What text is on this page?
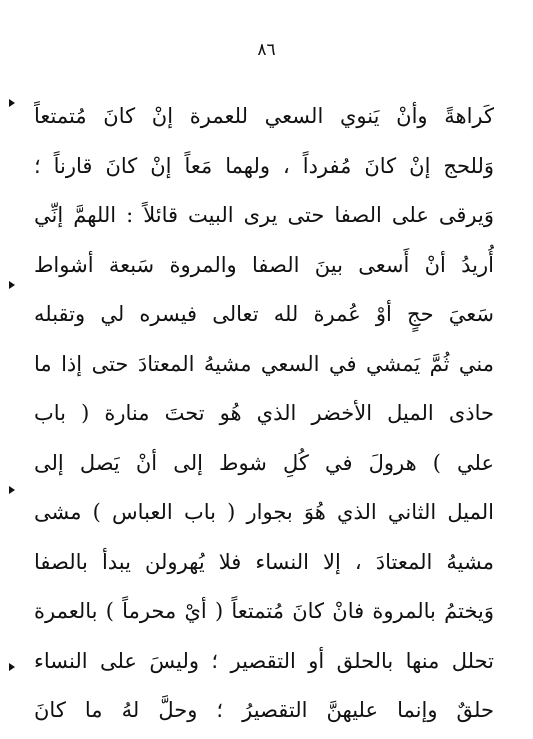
٨٦
كَراهةً وأنْ يَنوي السعي للعمرة إنْ كانَ مُتمتعاً
وَللحج إنْ كانَ مُفرداً ، ولهما مَعاً إنْ كانَ قارناً ؛
وَيرقى على الصفا حتى يرى البيت قائلاً : اللهمَّ إنِّي
أُريدُ أنْ أَسعى بينَ الصفا والمروة سَبعة أشواط
سَعيَ حجٍ أوْ عُمرة لله تعالى فيسره لي وتقبله
مني ثُمَّ يَمشي في السعي مشيهُ المعتادَ حتى إذا ما
حاذى الميل الأخضر الذي هُو تحتَ منارة ( باب
علي ) هرولَ في كُلِ شوط إلى أنْ يَصل إلى
الميل الثاني الذي هُوَ بجوار ( باب العباس ) مشى
مشيهُ المعتادَ ، إلا النساء فلا يُهرولن يبدأ بالصفا
وَيختمُ بالمروة فانْ كانَ مُتمتعاً ( أيْ محرماً ) بالعمرة
تحلل منها بالحلق أو التقصير ؛ وليسَ على النساء
حلقٌ وإنما عليهنَّ التقصيرُ ؛ وحلَّ لهُ ما كانَ
